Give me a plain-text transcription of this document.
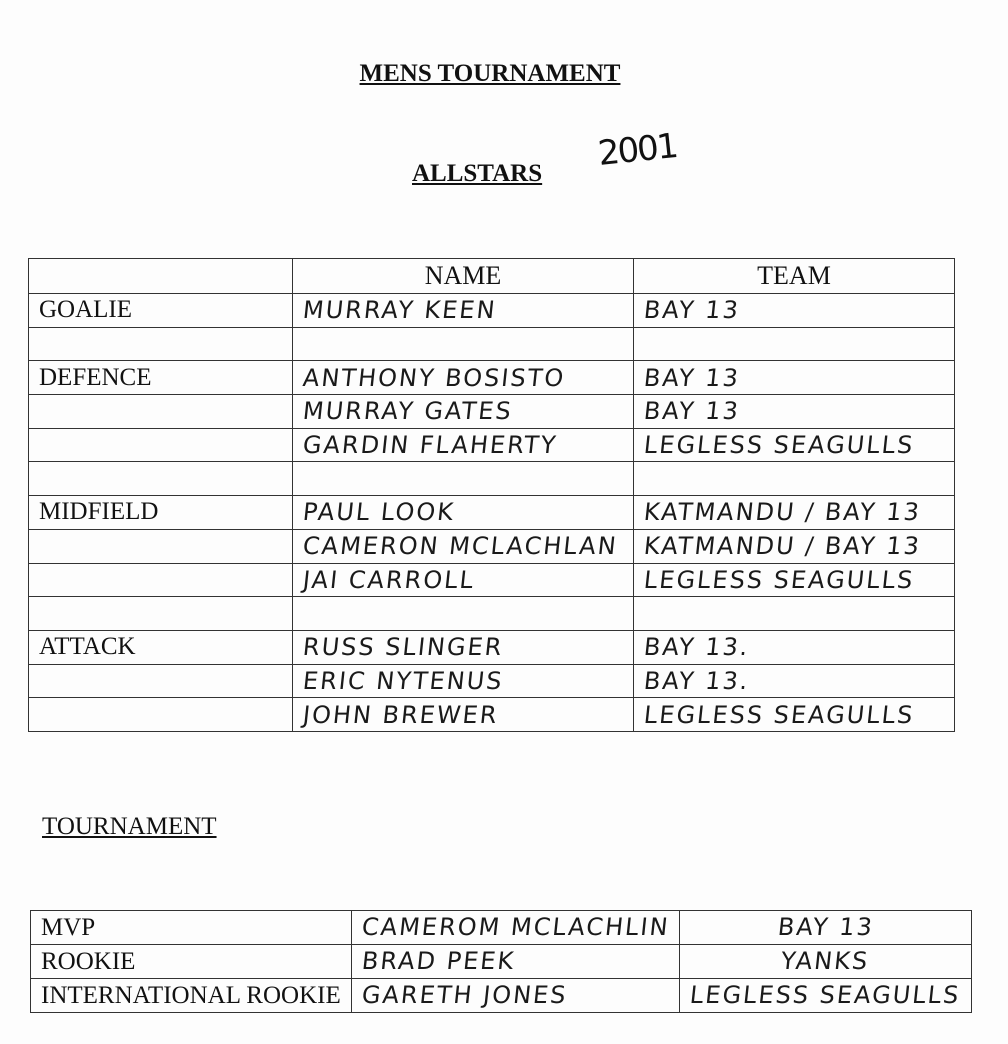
MENS TOURNAMENT
ALLSTARS 2001
	NAME	TEAM
GOALIE	MURRAY KEEN	BAY 13

DEFENCE	ANTHONY BOSISTO	BAY 13
	MURRAY GATES	BAY 13
	GARDIN FLAHERTY	LEGLESS SEAGULLS

MIDFIELD	PAUL LOOK	KATMANDU / BAY 13
	CAMERON MCLACHLAN	KATMANDU / BAY 13
	JAI CARROLL	LEGLESS SEAGULLS

ATTACK	RUSS SLINGER	BAY 13.
	ERIC NYTENUS	BAY 13.
	JOHN BREWER	LEGLESS SEAGULLS
TOURNAMENT
MVP	CAMEROM MCLACHLIN	BAY 13
ROOKIE	BRAD PEEK	YANKS
INTERNATIONAL ROOKIE	GARETH JONES	LEGLESS SEAGULLS
